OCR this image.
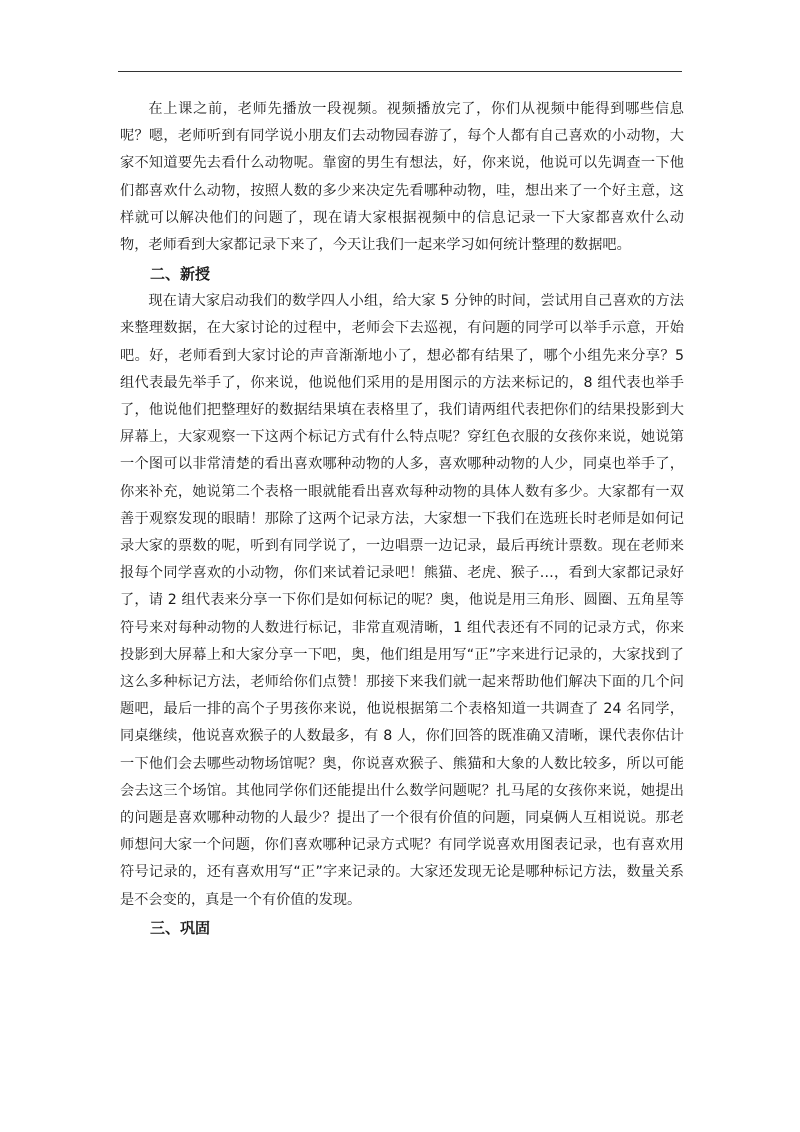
在上课之前，老师先播放一段视频。视频播放完了，你们从视频中能得到哪些信息呢？嗯，老师听到有同学说小朋友们去动物园春游了，每个人都有自己喜欢的小动物，大家不知道要先去看什么动物呢。靠窗的男生有想法，好，你来说，他说可以先调查一下他们都喜欢什么动物，按照人数的多少来决定先看哪种动物，哇，想出来了一个好主意，这样就可以解决他们的问题了，现在请大家根据视频中的信息记录一下大家都喜欢什么动物，老师看到大家都记录下来了，今天让我们一起来学习如何统计整理的数据吧。

二、新授

现在请大家启动我们的数学四人小组，给大家 5 分钟的时间，尝试用自己喜欢的方法来整理数据，在大家讨论的过程中，老师会下去巡视，有问题的同学可以举手示意，开始吧。好，老师看到大家讨论的声音渐渐地小了，想必都有结果了，哪个小组先来分享？5 组代表最先举手了，你来说，他说他们采用的是用图示的方法来标记的，8 组代表也举手了，他说他们把整理好的数据结果填在表格里了，我们请两组代表把你们的结果投影到大屏幕上，大家观察一下这两个标记方式有什么特点呢？穿红色衣服的女孩你来说，她说第一个图可以非常清楚的看出喜欢哪种动物的人多，喜欢哪种动物的人少，同桌也举手了，你来补充，她说第二个表格一眼就能看出喜欢每种动物的具体人数有多少。大家都有一双善于观察发现的眼睛！那除了这两个记录方法，大家想一下我们在选班长时老师是如何记录大家的票数的呢，听到有同学说了，一边唱票一边记录，最后再统计票数。现在老师来报每个同学喜欢的小动物，你们来试着记录吧！熊猫、老虎、猴子…，看到大家都记录好了，请 2 组代表来分享一下你们是如何标记的呢？奥，他说是用三角形、圆圈、五角星等符号来对每种动物的人数进行标记，非常直观清晰，1 组代表还有不同的记录方式，你来投影到大屏幕上和大家分享一下吧，奥，他们组是用写“正”字来进行记录的，大家找到了这么多种标记方法，老师给你们点赞！那接下来我们就一起来帮助他们解决下面的几个问题吧，最后一排的高个子男孩你来说，他说根据第二个表格知道一共调查了 24 名同学，同桌继续，他说喜欢猴子的人数最多，有 8 人，你们回答的既准确又清晰，课代表你估计一下他们会去哪些动物场馆呢？奥，你说喜欢猴子、熊猫和大象的人数比较多，所以可能会去这三个场馆。其他同学你们还能提出什么数学问题呢？扎马尾的女孩你来说，她提出的问题是喜欢哪种动物的人最少？提出了一个很有价值的问题，同桌俩人互相说说。那老师想问大家一个问题，你们喜欢哪种记录方式呢？有同学说喜欢用图表记录，也有喜欢用符号记录的，还有喜欢用写“正”字来记录的。大家还发现无论是哪种标记方法，数量关系是不会变的，真是一个有价值的发现。

三、巩固
